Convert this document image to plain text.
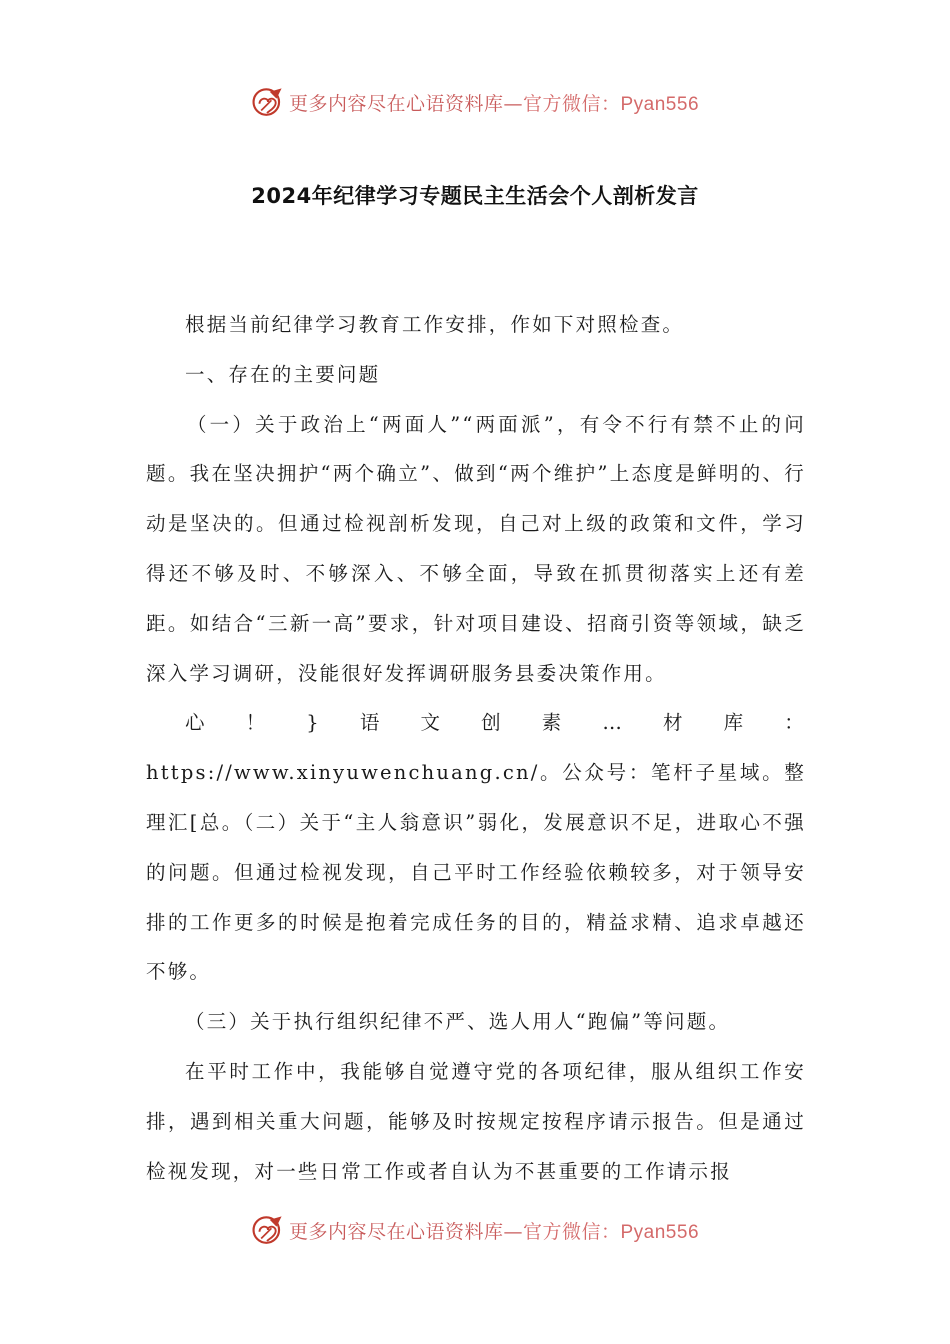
更多内容尽在心语资料库—官方微信：Pyan556
2024年纪律学习专题民主生活会个人剖析发言

根据当前纪律学习教育工作安排，作如下对照检查。

一、存在的主要问题

（一）关于政治上“两面人”“两面派”，有令不行有禁不止的问题。我在坚决拥护“两个确立”、做到“两个维护”上态度是鲜明的、行动是坚决的。但通过检视剖析发现，自己对上级的政策和文件，学习得还不够及时、不够深入、不够全面，导致在抓贯彻落实上还有差距。如结合“三新一高”要求，针对项目建设、招商引资等领域，缺乏深入学习调研，没能很好发挥调研服务县委决策作用。

心！}语文创素…材库：https://www.xinyuwenchuang.cn/。公众号：笔杆子星域。整理汇[总。（二）关于“主人翁意识”弱化，发展意识不足，进取心不强的问题。但通过检视发现，自己平时工作经验依赖较多，对于领导安排的工作更多的时候是抱着完成任务的目的，精益求精、追求卓越还不够。

（三）关于执行组织纪律不严、选人用人“跑偏”等问题。

在平时工作中，我能够自觉遵守党的各项纪律，服从组织工作安排，遇到相关重大问题，能够及时按规定按程序请示报告。但是通过检视发现，对一些日常工作或者自认为不甚重要的工作请示报

更多内容尽在心语资料库—官方微信：Pyan556
